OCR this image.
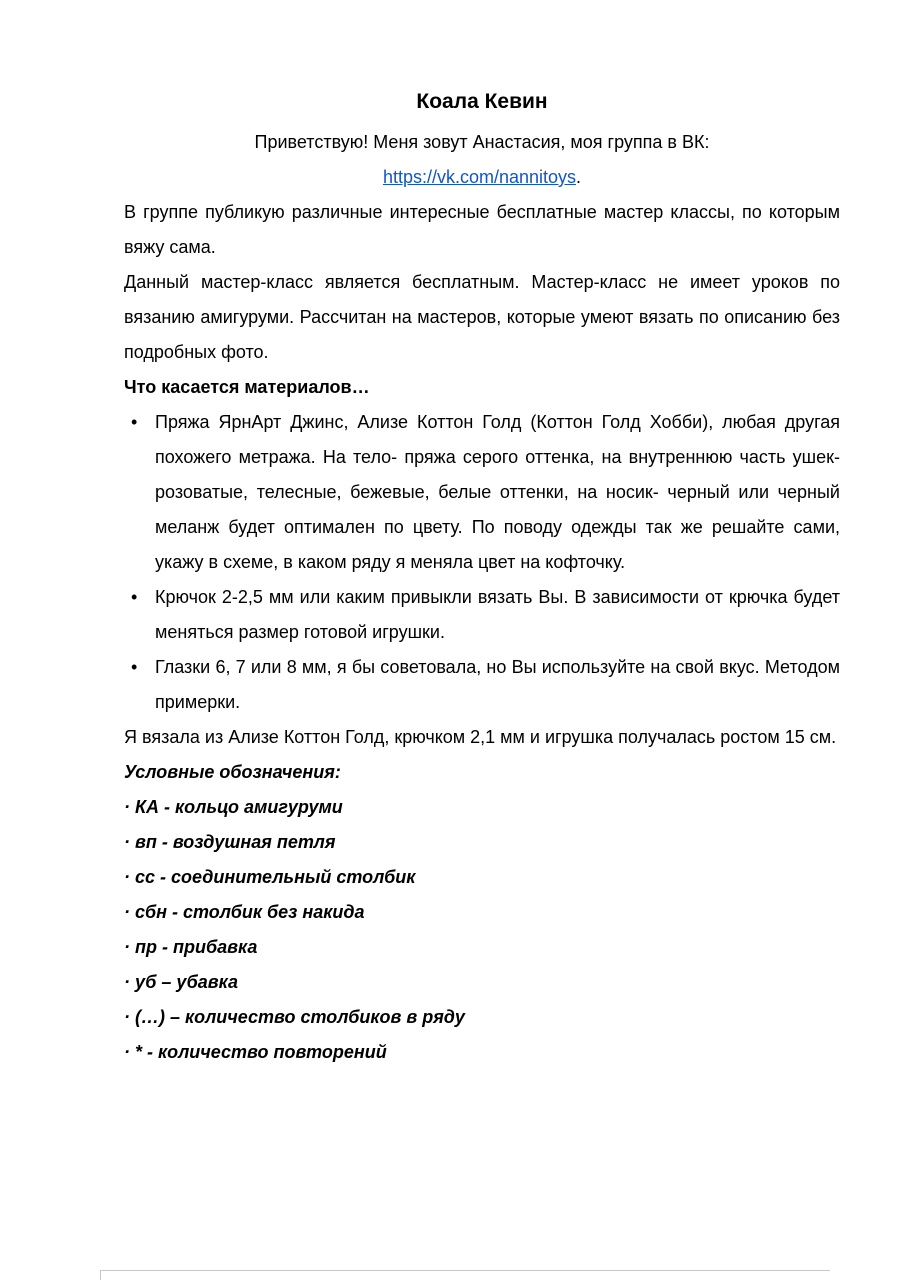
Коала Кевин

Приветствую! Меня зовут Анастасия, моя группа в ВК:

https://vk.com/nannitoys.

В группе публикую различные интересные бесплатные мастер классы, по которым вяжу сама.

Данный мастер-класс является бесплатным. Мастер-класс не имеет уроков по вязанию амигуруми. Рассчитан на мастеров, которые умеют вязать по описанию без подробных фото.

Что касается материалов…

• Пряжа ЯрнАрт Джинс, Ализе Коттон Голд (Коттон Голд Хобби), любая другая похожего метража. На тело- пряжа серого оттенка, на внутреннюю часть ушек- розоватые, телесные, бежевые, белые оттенки, на носик- черный или черный меланж будет оптимален по цвету. По поводу одежды так же решайте сами, укажу в схеме, в каком ряду я меняла цвет на кофточку.
• Крючок 2-2,5 мм или каким привыкли вязать Вы. В зависимости от крючка будет меняться размер готовой игрушки.
• Глазки 6, 7 или 8 мм, я бы советовала, но Вы используйте на свой вкус. Методом примерки.

Я вязала из Ализе Коттон Голд, крючком 2,1 мм и игрушка получалась ростом 15 см.

Условные обозначения:

· КА - кольцо амигуруми
· вп - воздушная петля
· сс - соединительный столбик
· сбн - столбик без накида
· пр - прибавка
· уб – убавка
· (…) – количество столбиков в ряду
· * - количество повторений
